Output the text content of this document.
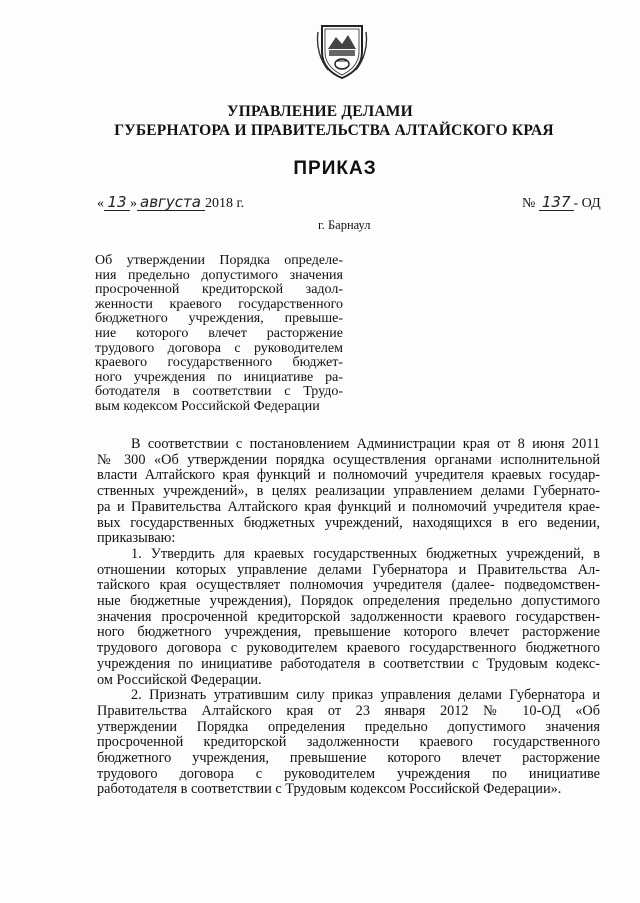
УПРАВЛЕНИЕ ДЕЛАМИ
ГУБЕРНАТОРА И ПРАВИТЕЛЬСТВА АЛТАЙСКОГО КРАЯ
ПРИКАЗ
« 13 » августа 2018 г.	№ 137 - ОД
г. Барнаул
Об утверждении Порядка определе-
ния предельно допустимого значения
просроченной кредиторской задол-
женности краевого государственного
бюджетного учреждения, превыше-
ние которого влечет расторжение
трудового договора с руководителем
краевого государственного бюджет-
ного учреждения по инициативе ра-
ботодателя в соответствии с Трудо-
вым кодексом Российской Федерации
В соответствии с постановлением Администрации края от 8 июня 2011
№ 300 «Об утверждении порядка осуществления органами исполнительной
власти Алтайского края функций и полномочий учредителя краевых государ-
ственных учреждений», в целях реализации управлением делами Губернато-
ра и Правительства Алтайского края функций и полномочий учредителя крае-
вых государственных бюджетных учреждений, находящихся в его ведении,
приказываю:
1. Утвердить для краевых государственных бюджетных учреждений, в
отношении которых управление делами Губернатора и Правительства Ал-
тайского края осуществляет полномочия учредителя (далее- подведомствен-
ные бюджетные учреждения), Порядок определения предельно допустимого
значения просроченной кредиторской задолженности краевого государствен-
ного бюджетного учреждения, превышение которого влечет расторжение
трудового договора с руководителем краевого государственного бюджетного
учреждения по инициативе работодателя в соответствии с Трудовым кодекс-
ом Российской Федерации.
2. Признать утратившим силу приказ управления делами Губернатора и
Правительства Алтайского края от 23 января 2012 № 10-ОД «Об
утверждении Порядка определения предельно допустимого значения
просроченной кредиторской задолженности краевого государственного
бюджетного учреждения, превышение которого влечет расторжение
трудового договора с руководителем учреждения по инициативе
работодателя в соответствии с Трудовым кодексом Российской Федерации».
